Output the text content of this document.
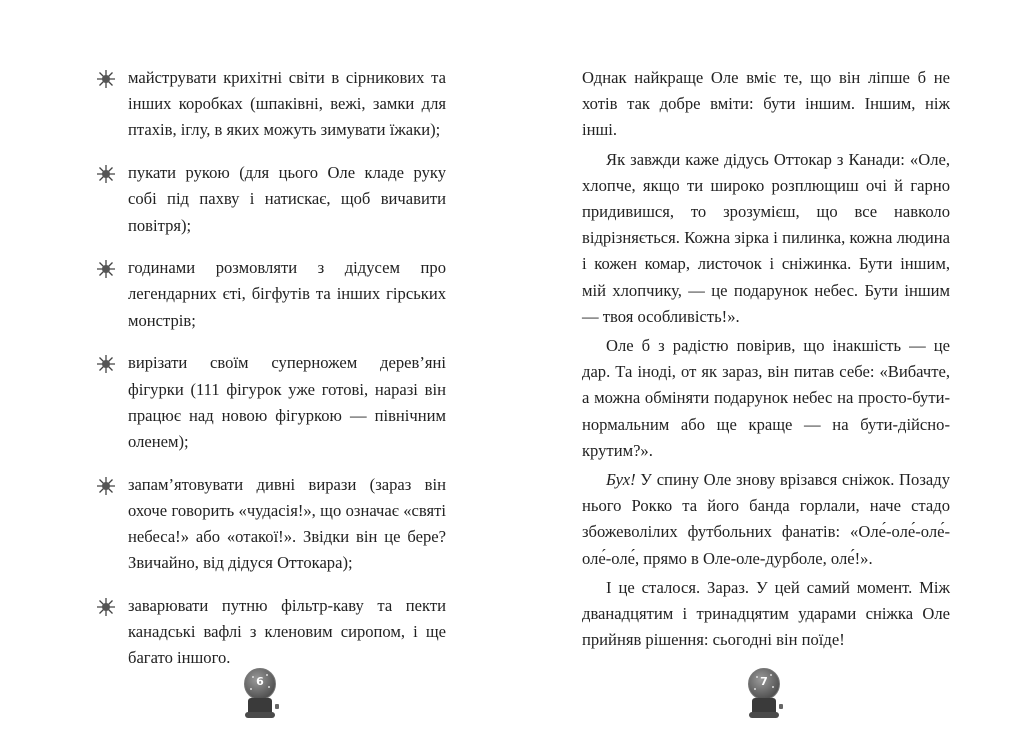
майструвати крихітні світи в сірникових та інших коробках (шпаківні, вежі, замки для птахів, іглу, в яких можуть зимувати їжаки);
пукати рукою (для цього Оле кладе руку собі під пахву і натискає, щоб вичавити повітря);
годинами розмовляти з дідусем про легендарних єті, бігфутів та інших гірських монстрів;
вирізати своїм суперножем дерев’яні фігурки (111 фігурок уже готові, наразі він працює над новою фігуркою — північним оленем);
запам’ятовувати дивні вирази (зараз він охоче говорить «чудасія!», що означає «святі небеса!» або «отакої!». Звідки він це бере? Звичайно, від дідуся Оттокара);
заварювати путню фільтр-каву та пекти канадські вафлі з кленовим сиропом, і ще багато іншого.
6

Однак найкраще Оле вміє те, що він ліпше б не хотів так добре вміти: бути іншим. Іншим, ніж інші.

Як завжди каже дідусь Оттокар з Канади: «Оле, хлопче, якщо ти широко розплющиш очі й гарно придивишся, то зрозумієш, що все навколо відрізняється. Кожна зірка і пилинка, кожна людина і кожен комар, листочок і сніжинка. Бути іншим, мій хлопчику, — це подарунок небес. Бути іншим — твоя особливість!».

Оле б з радістю повірив, що інакшість — це дар. Та іноді, от як зараз, він питав себе: «Вибачте, а можна обміняти подарунок небес на просто-бути-нормальним або ще краще — на бути-дійсно-крутим?».

Бух! У спину Оле знову врізався сніжок. Позаду нього Рокко та його банда горлали, наче стадо збожеволілих футбольних фанатів: «Оле́-оле́-оле́-оле́-оле́, прямо в Оле-оле-дурболе, оле́!».

І це сталося. Зараз. У цей самий момент. Між дванадцятим і тринадцятим ударами сніжка Оле прийняв рішення: сьогодні він поїде!

7
